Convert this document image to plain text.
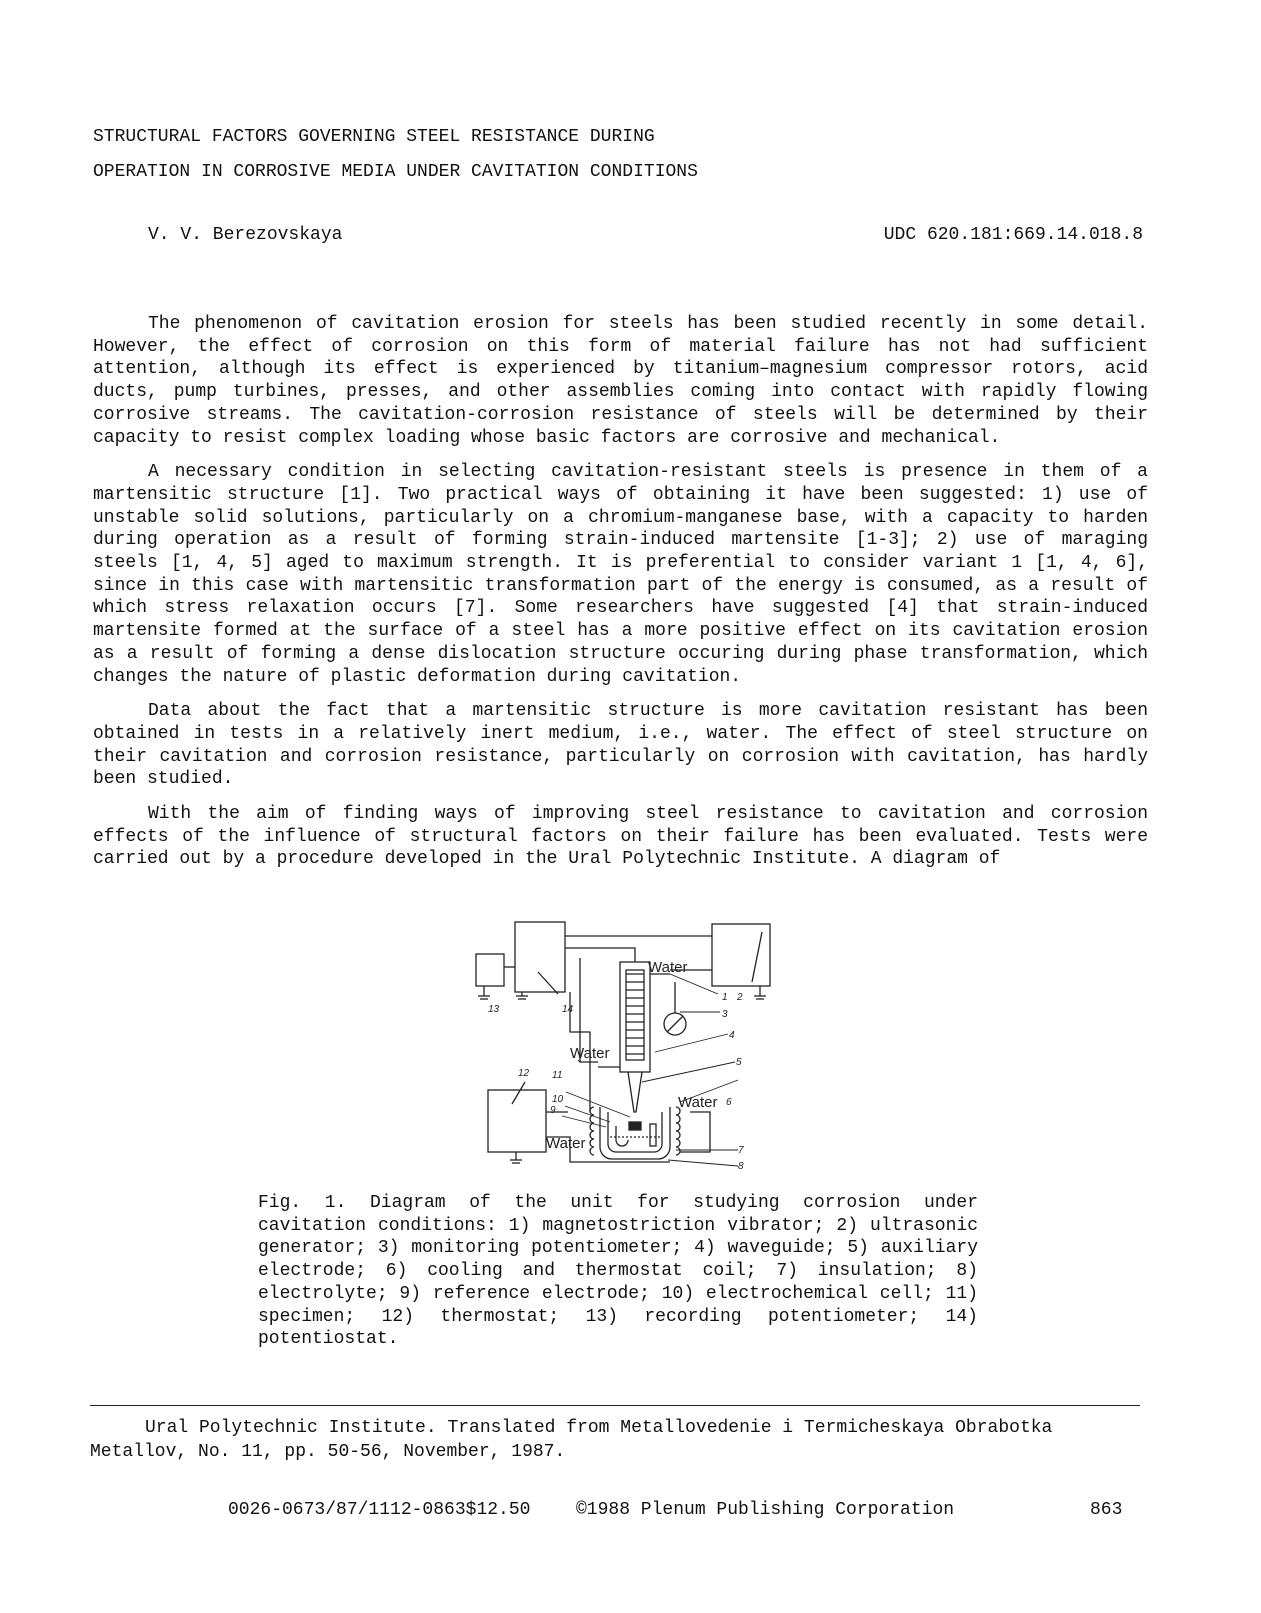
STRUCTURAL FACTORS GOVERNING STEEL RESISTANCE DURING
OPERATION IN CORROSIVE MEDIA UNDER CAVITATION CONDITIONS
V. V. Berezovskaya	UDC 620.181:669.14.018.8

The phenomenon of cavitation erosion for steels has been studied recently in some detail. However, the effect of corrosion on this form of material failure has not had sufficient attention, although its effect is experienced by titanium–magnesium compressor rotors, acid ducts, pump turbines, presses, and other assemblies coming into contact with rapidly flowing corrosive streams. The cavitation-corrosion resistance of steels will be determined by their capacity to resist complex loading whose basic factors are corrosive and mechanical.

A necessary condition in selecting cavitation-resistant steels is presence in them of a martensitic structure [1]. Two practical ways of obtaining it have been suggested: 1) use of unstable solid solutions, particularly on a chromium-manganese base, with a capacity to harden during operation as a result of forming strain-induced martensite [1-3]; 2) use of maraging steels [1, 4, 5] aged to maximum strength. It is preferential to consider variant 1 [1, 4, 6], since in this case with martensitic transformation part of the energy is consumed, as a result of which stress relaxation occurs [7]. Some researchers have suggested [4] that strain-induced martensite formed at the surface of a steel has a more positive effect on its cavitation erosion as a result of forming a dense dislocation structure occuring during phase transformation, which changes the nature of plastic deformation during cavitation.

Data about the fact that a martensitic structure is more cavitation resistant has been obtained in tests in a relatively inert medium, i.e., water. The effect of steel structure on their cavitation and corrosion resistance, particularly on corrosion with cavitation, has hardly been studied.

With the aim of finding ways of improving steel resistance to cavitation and corrosion effects of the influence of structural factors on their failure has been evaluated. Tests were carried out by a procedure developed in the Ural Polytechnic Institute. A diagram of

Water
Water
Water
Water
1 2
3
4
5
6
7
8
9
10
11
12
13	14
Fig. 1. Diagram of the unit for studying corrosion under cavitation conditions: 1) magnetostriction vibrator; 2) ultrasonic generator; 3) monitoring potentiometer; 4) waveguide; 5) auxiliary electrode; 6) cooling and thermostat coil; 7) insulation; 8) electrolyte; 9) reference electrode; 10) electrochemical cell; 11) specimen; 12) thermostat; 13) recording potentiometer; 14) potentiostat.
Ural Polytechnic Institute. Translated from Metallovedenie i Termicheskaya Obrabotka Metallov, No. 11, pp. 50-56, November, 1987.
0026-0673/87/1112-0863$12.50	©1988 Plenum Publishing Corporation	863
